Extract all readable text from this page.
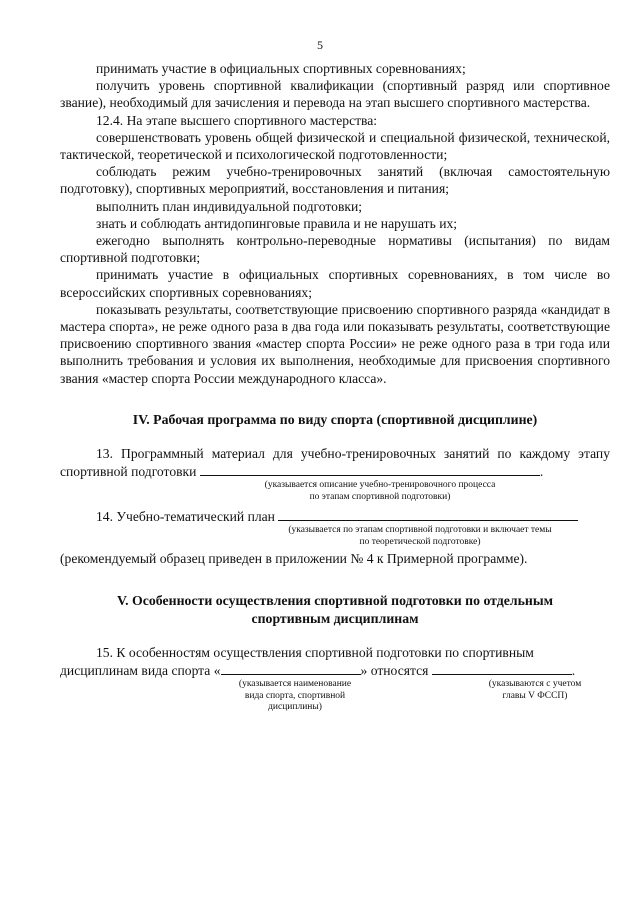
5

принимать участие в официальных спортивных соревнованиях;

получить уровень спортивной квалификации (спортивный разряд или спортивное звание), необходимый для зачисления и перевода на этап высшего спортивного мастерства.

12.4. На этапе высшего спортивного мастерства:

совершенствовать уровень общей физической и специальной физической, технической, тактической, теоретической и психологической подготовленности;

соблюдать режим учебно-тренировочных занятий (включая самостоятельную подготовку), спортивных мероприятий, восстановления и питания;

выполнить план индивидуальной подготовки;

знать и соблюдать антидопинговые правила и не нарушать их;

ежегодно выполнять контрольно-переводные нормативы (испытания) по видам спортивной подготовки;

принимать участие в официальных спортивных соревнованиях, в том числе во всероссийских спортивных соревнованиях;

показывать результаты, соответствующие присвоению спортивного разряда «кандидат в мастера спорта», не реже одного раза в два года или показывать результаты, соответствующие присвоению спортивного звания «мастер спорта России» не реже одного раза в три года или выполнить требования и условия их выполнения, необходимые для присвоения спортивного звания «мастер спорта России международного класса».

IV. Рабочая программа по виду спорта (спортивной дисциплине)

13. Программный материал для учебно-тренировочных занятий по каждому этапу спортивной подготовки	.

(указывается описание учебно-тренировочного процесса

по этапам спортивной подготовки)

14. Учебно-тематический план

(указывается по этапам спортивной подготовки и включает темы

по теоретической подготовке)

(рекомендуемый образец приведен в приложении № 4 к Примерной программе).

V. Особенности осуществления спортивной подготовки по отдельным

спортивным дисциплинам

15. К особенностям осуществления спортивной подготовки по спортивным

дисциплинам вида спорта «	» относятся	.

(указывается наименование

вида спорта, спортивной

дисциплины)

(указываются с учетом

главы V ФССП)
